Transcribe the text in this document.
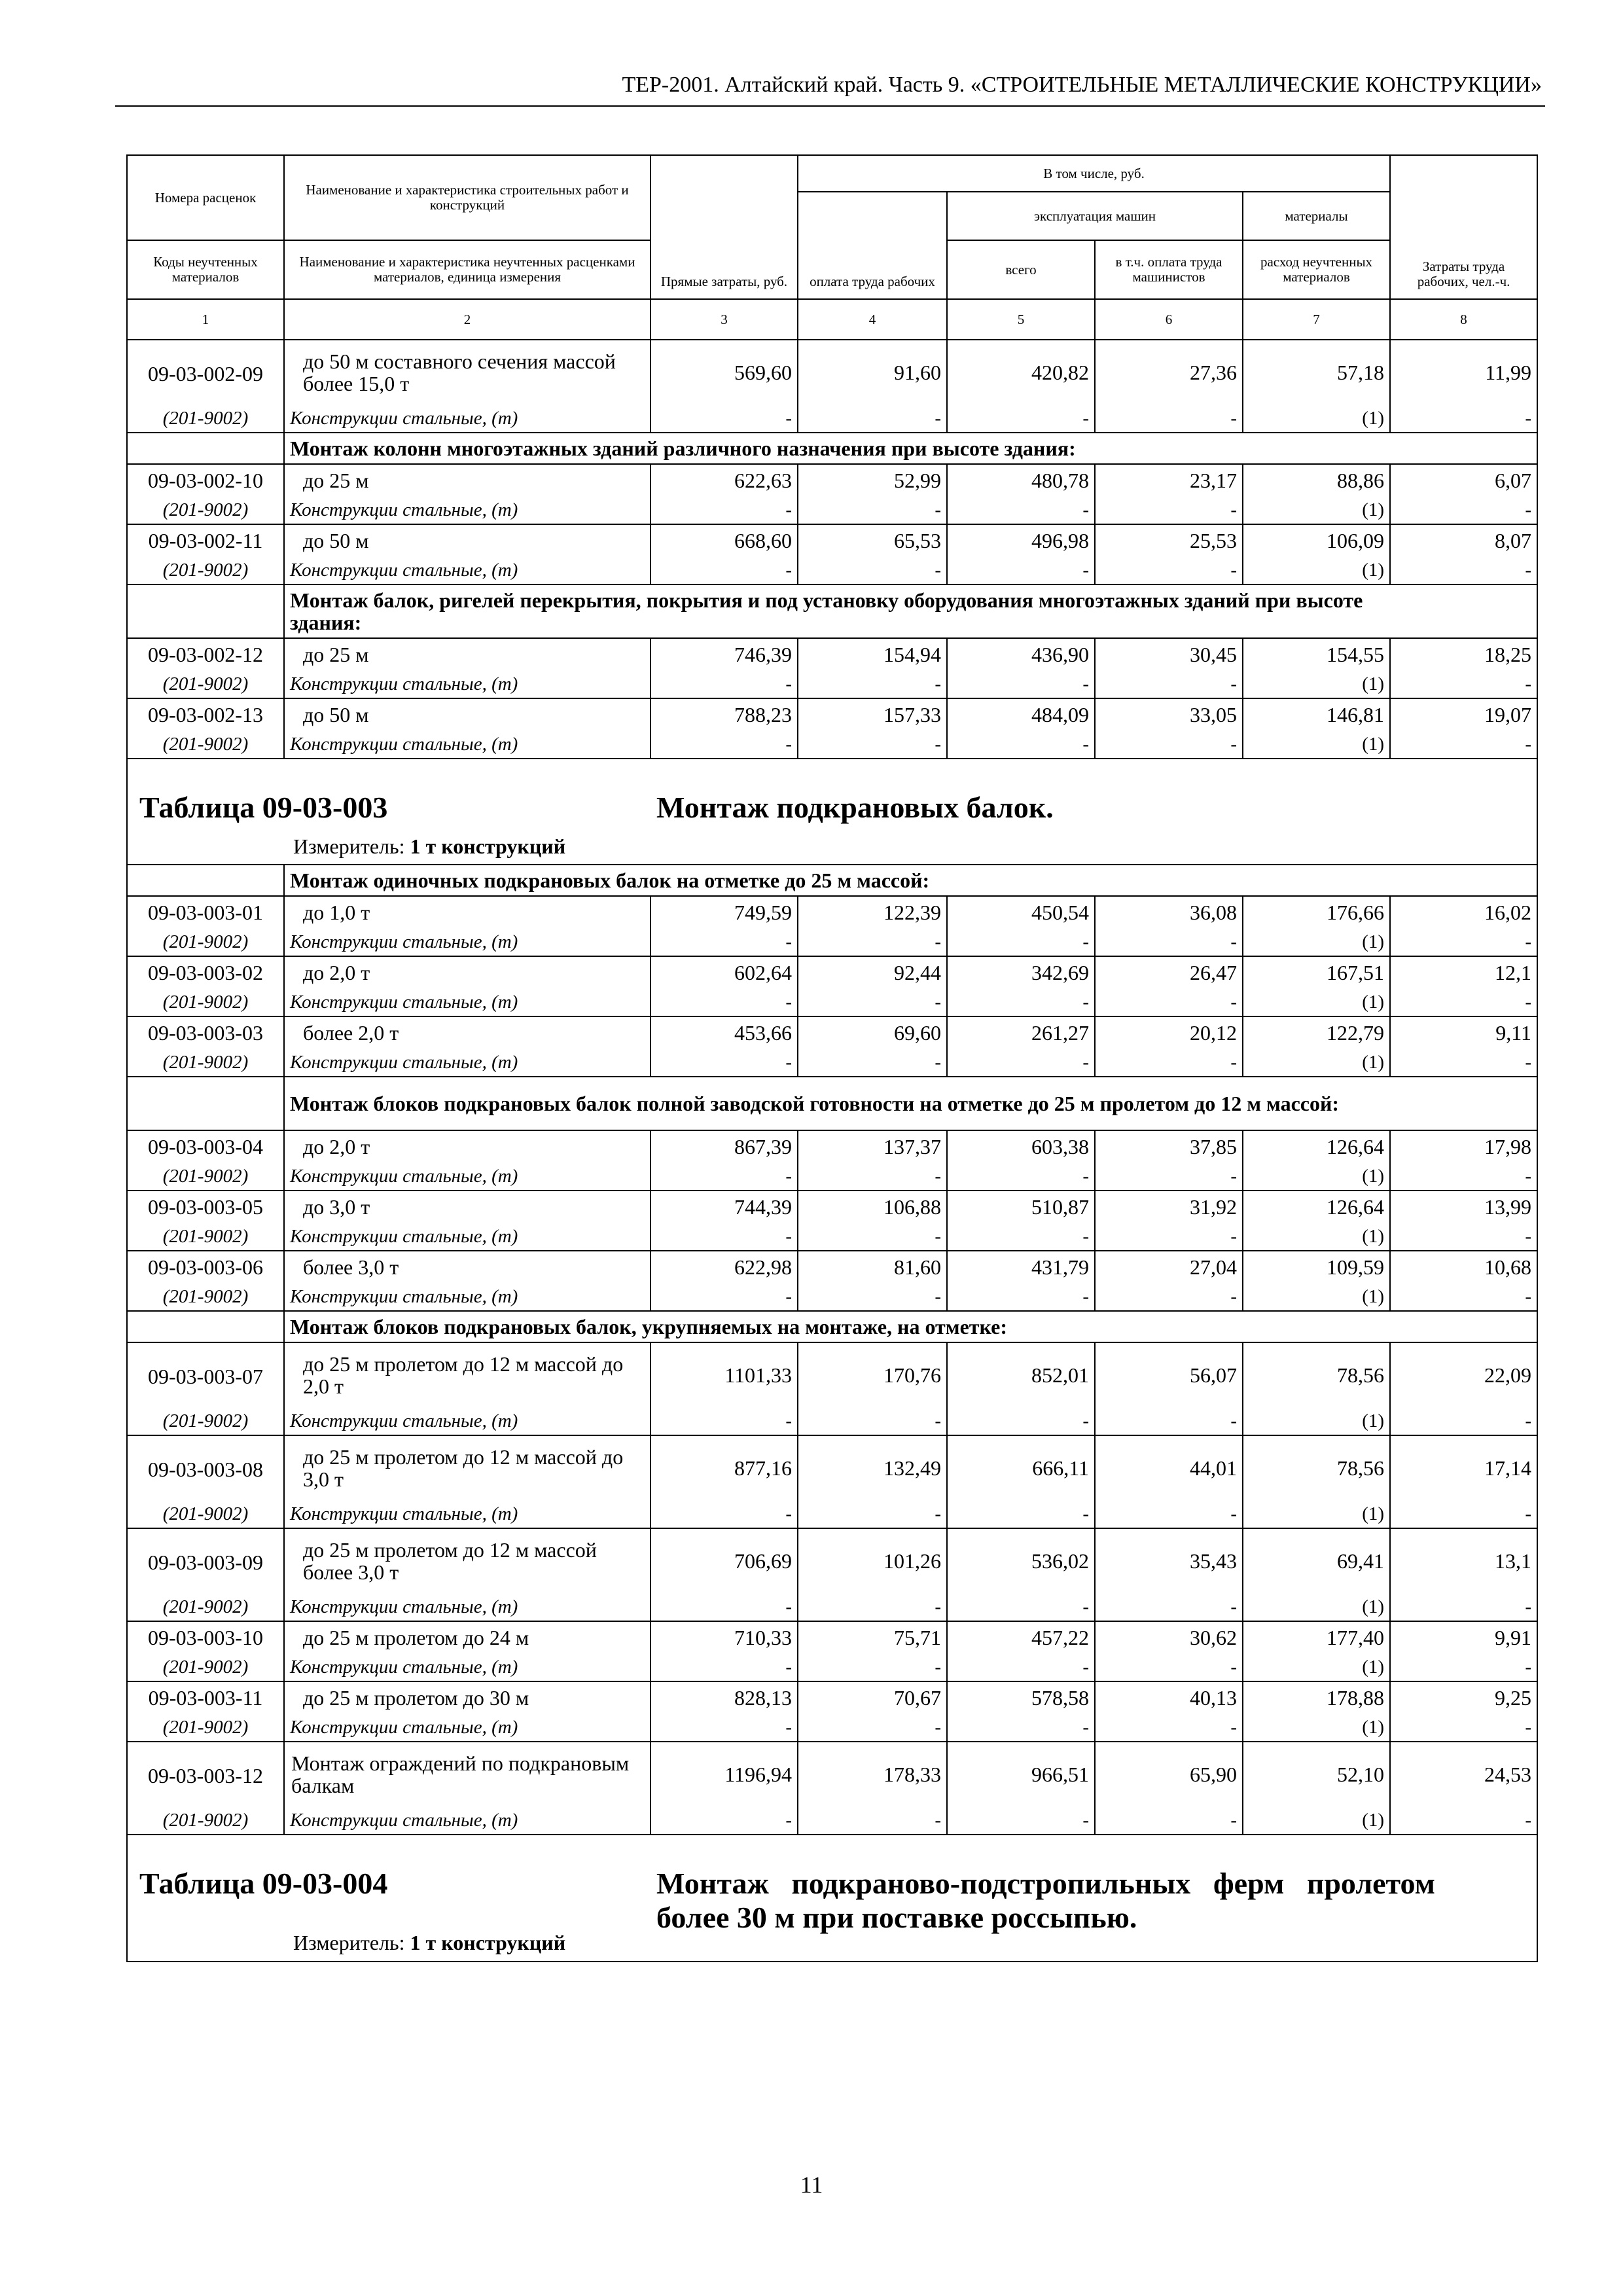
ТЕР-2001. Алтайский край. Часть 9. «СТРОИТЕЛЬНЫЕ МЕТАЛЛИЧЕСКИЕ КОНСТРУКЦИИ»
Номера расценок	Наименование и характеристика строительных работ и конструкций	Прямые затраты, руб.	В том числе, руб.				Затраты труда рабочих, чел.-ч.
			оплата труда рабочих	эксплуатация машин		материалы	
Коды неучтенных материалов	Наименование и характеристика неучтенных расценками материалов, единица измерения			всего	в т.ч. оплата труда машинистов	расход неучтенных материалов	
1	2	3	4	5	6	7	8
09-03-002-09	до 50 м составного сечения массой более 15,0 т	569,60	91,60	420,82	27,36	57,18	11,99
(201-9002)	Конструкции стальные, (т)	-	-	-	-	(1)	-
	Монтаж колонн многоэтажных зданий различного назначения при высоте здания:						
09-03-002-10	до 25 м	622,63	52,99	480,78	23,17	88,86	6,07
(201-9002)	Конструкции стальные, (т)	-	-	-	-	(1)	-
09-03-002-11	до 50 м	668,60	65,53	496,98	25,53	106,09	8,07
(201-9002)	Конструкции стальные, (т)	-	-	-	-	(1)	-
	Монтаж балок, ригелей перекрытия, покрытия и под установку оборудования многоэтажных зданий при высоте здания:						
09-03-002-12	до 25 м	746,39	154,94	436,90	30,45	154,55	18,25
(201-9002)	Конструкции стальные, (т)	-	-	-	-	(1)	-
09-03-002-13	до 50 м	788,23	157,33	484,09	33,05	146,81	19,07
(201-9002)	Конструкции стальные, (т)	-	-	-	-	(1)	-

Таблица 09-03-003 Монтаж подкрановых балок.
Измеритель: 1 т конструкций							

	Монтаж одиночных подкрановых балок на отметке до 25 м массой:						
09-03-003-01	до 1,0 т	749,59	122,39	450,54	36,08	176,66	16,02
(201-9002)	Конструкции стальные, (т)	-	-	-	-	(1)	-
09-03-003-02	до 2,0 т	602,64	92,44	342,69	26,47	167,51	12,1
(201-9002)	Конструкции стальные, (т)	-	-	-	-	(1)	-
09-03-003-03	более 2,0 т	453,66	69,60	261,27	20,12	122,79	9,11
(201-9002)	Конструкции стальные, (т)	-	-	-	-	(1)	-
	Монтаж блоков подкрановых балок полной заводской готовности на отметке до 25 м пролетом до 12 м массой:						
09-03-003-04	до 2,0 т	867,39	137,37	603,38	37,85	126,64	17,98
(201-9002)	Конструкции стальные, (т)	-	-	-	-	(1)	-
09-03-003-05	до 3,0 т	744,39	106,88	510,87	31,92	126,64	13,99
(201-9002)	Конструкции стальные, (т)	-	-	-	-	(1)	-
09-03-003-06	более 3,0 т	622,98	81,60	431,79	27,04	109,59	10,68
(201-9002)	Конструкции стальные, (т)	-	-	-	-	(1)	-
	Монтаж блоков подкрановых балок, укрупняемых на монтаже, на отметке:						
09-03-003-07	до 25 м пролетом до 12 м массой до 2,0 т	1101,33	170,76	852,01	56,07	78,56	22,09
(201-9002)	Конструкции стальные, (т)	-	-	-	-	(1)	-
09-03-003-08	до 25 м пролетом до 12 м массой до 3,0 т	877,16	132,49	666,11	44,01	78,56	17,14
(201-9002)	Конструкции стальные, (т)	-	-	-	-	(1)	-
09-03-003-09	до 25 м пролетом до 12 м массой более 3,0 т	706,69	101,26	536,02	35,43	69,41	13,1
(201-9002)	Конструкции стальные, (т)	-	-	-	-	(1)	-
09-03-003-10	до 25 м пролетом до 24 м	710,33	75,71	457,22	30,62	177,40	9,91
(201-9002)	Конструкции стальные, (т)	-	-	-	-	(1)	-
09-03-003-11	до 25 м пролетом до 30 м	828,13	70,67	578,58	40,13	178,88	9,25
(201-9002)	Конструкции стальные, (т)	-	-	-	-	(1)	-
09-03-003-12	Монтаж ограждений по подкрановым балкам	1196,94	178,33	966,51	65,90	52,10	24,53
(201-9002)	Конструкции стальные, (т)	-	-	-	-	(1)	-

Таблица 09-03-004 Монтаж подкраново-подстропильных ферм пролетом более 30 м при поставке россыпью.
Измеритель: 1 т конструкций							
11
